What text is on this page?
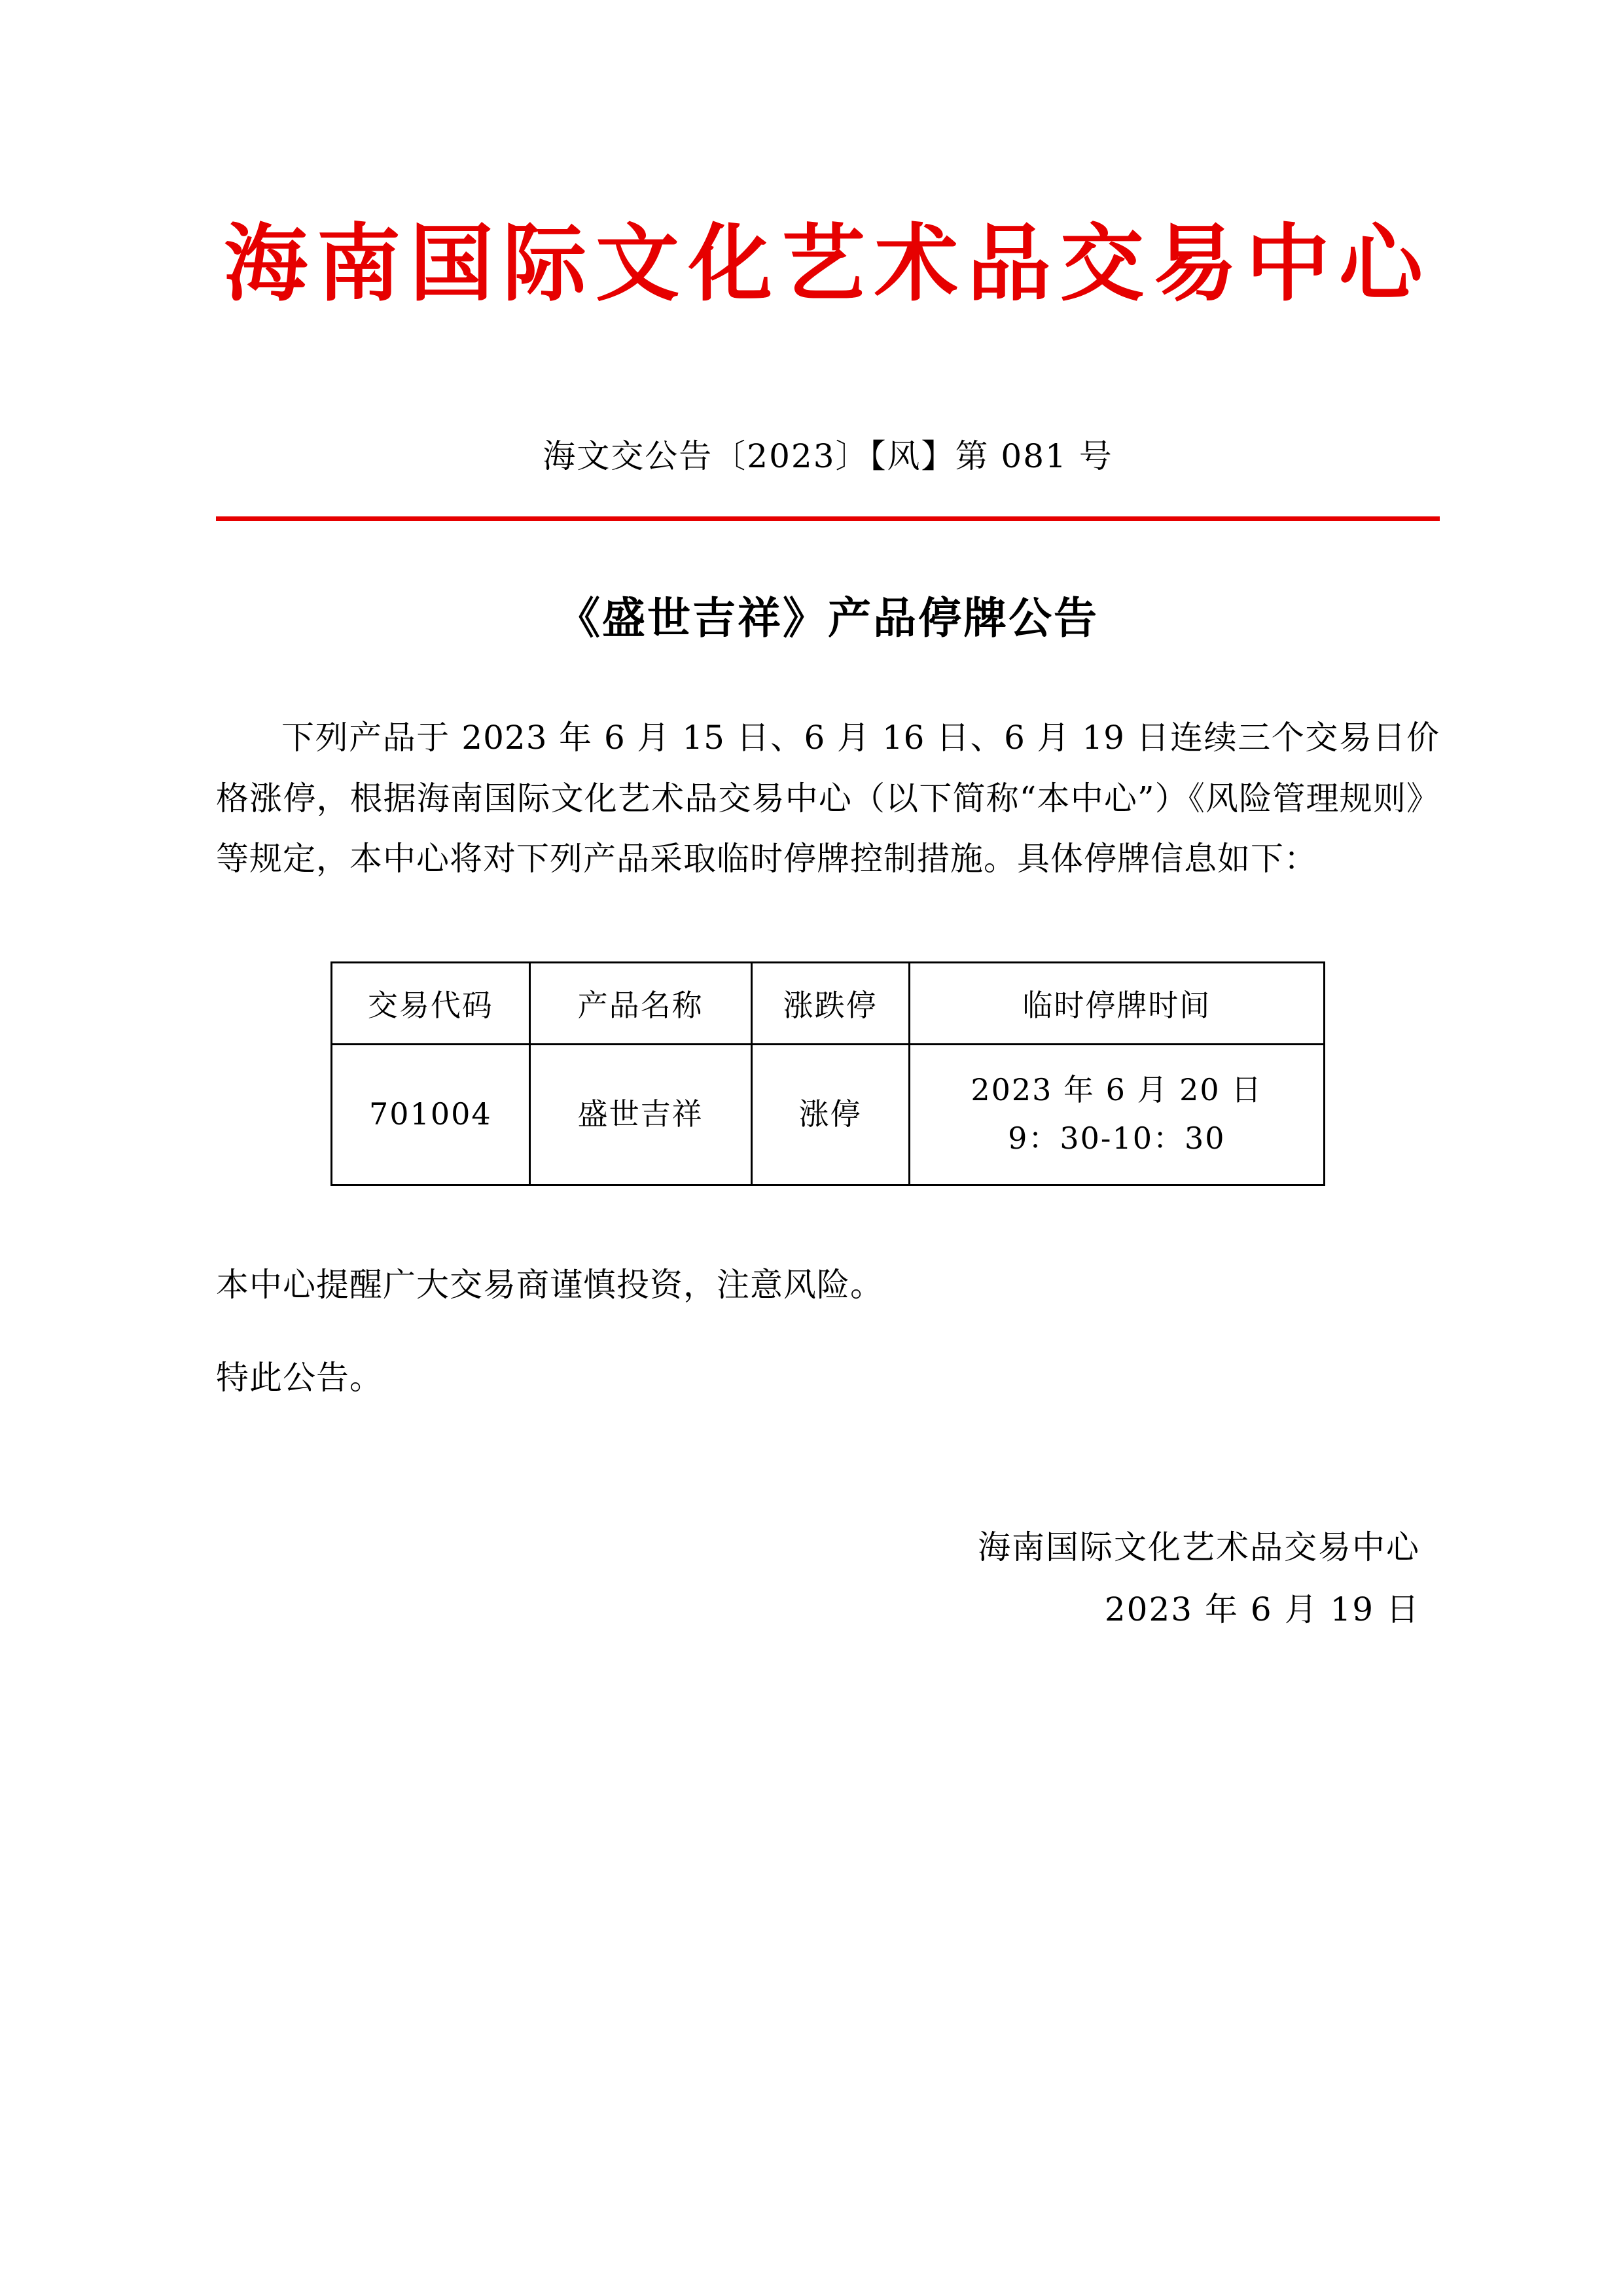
海南国际文化艺术品交易中心
海文交公告〔2023〕【风】第 081 号
《盛世吉祥》产品停牌公告

下列产品于 2023 年 6 月 15 日、6 月 16 日、6 月 19 日连续三个交易日价格涨停，根据海南国际文化艺术品交易中心（以下简称“本中心”）《风险管理规则》等规定，本中心将对下列产品采取临时停牌控制措施。具体停牌信息如下：

交易代码	产品名称	涨跌停	临时停牌时间
701004	盛世吉祥	涨停	2023 年 6 月 20 日
9：30-10：30

本中心提醒广大交易商谨慎投资，注意风险。

特此公告。

海南国际文化艺术品交易中心
2023 年 6 月 19 日
